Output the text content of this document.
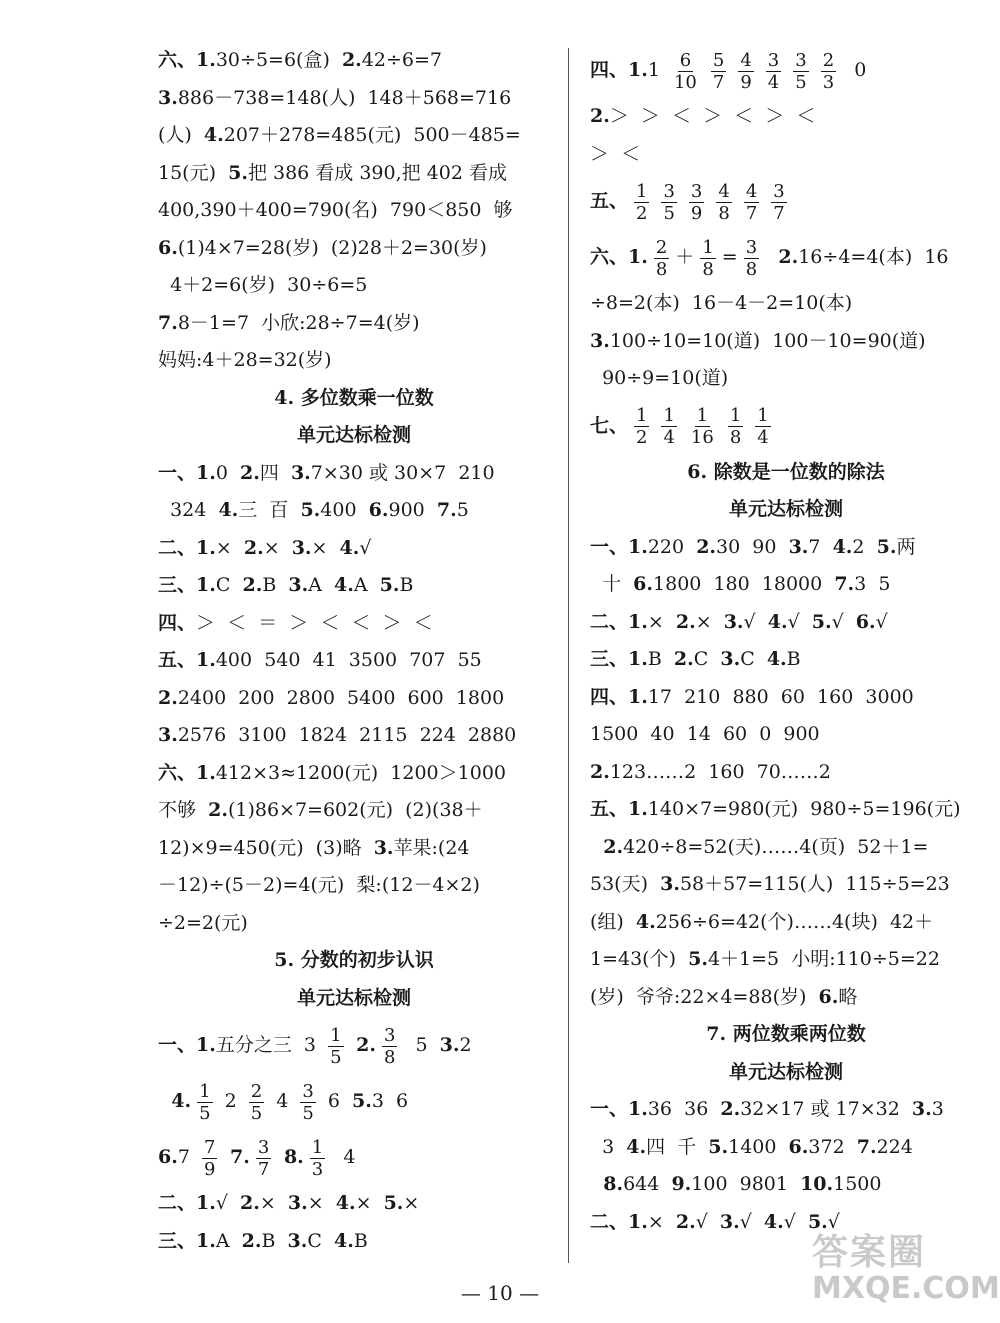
六、1.30÷5=6(盒)  2.42÷6=7
3.886－738=148(人)  148＋568=716
(人)  4.207＋278=485(元)  500－485=
15(元)  5.把 386 看成 390,把 402 看成
400,390＋400=790(名)  790＜850  够
6.(1)4×7=28(岁)  (2)28＋2=30(岁)
4＋2=6(岁)  30÷6=5
7.8－1=7  小欣:28÷7=4(岁)
妈妈:4＋28=32(岁)
4. 多位数乘一位数
单元达标检测
一、1.0  2.四  3.7×30 或 30×7  210
324  4.三  百  5.400  6.900  7.5
二、1.×  2.×  3.×  4.√
三、1.C  2.B  3.A  4.A  5.B
四、＞  ＜  ＝  ＞  ＜  ＜  ＞  ＜
五、1.400  540  41  3500  707  55
2.2400  200  2800  5400  600  1800
3.2576  3100  1824  2115  224  2880
六、1.412×3≈1200(元)  1200＞1000
不够  2.(1)86×7=602(元)  (2)(38＋
12)×9=450(元)  (3)略  3.苹果:(24
－12)÷(5－2)=4(元)  梨:(12－4×2)
÷2=2(元)
5. 分数的初步认识
单元达标检测
一、1.五分之三  $3 \frac{1}{5} 2$. $\frac{3}{8} 5$  3.2
4. $\frac{1}{5} 2 \frac{2}{5} 4 \frac{3}{5} 6$  5.3  6
$6.7 \frac{7}{9} 7$. $\frac{3}{7} 8$. $\frac{1}{3} 4$
二、1.√  2.×  3.×  4.×  5.×
三、1.A  2.B  3.C  4.B
四、$1.1 \frac{6}{10} \frac{5}{7} \frac{4}{9} \frac{3}{4} \frac{3}{5} \frac{2}{3} 0$
2.＞  ＞  ＜  ＞  ＜  ＞  ＜
＞  ＜
五、 $\frac{1}{2} \frac{3}{5} \frac{3}{9} \frac{4}{8} \frac{4}{7} \frac{3}{7}$
六、1. $\frac{2}{8} + \frac{1}{8} = \frac{3}{8} 2.16\div 4=4$(本)  16
÷8=2(本)  16－4－2=10(本)
3.100÷10=10(道)  100－10=90(道)
90÷9=10(道)
七、 $\frac{1}{2} \frac{1}{4} \frac{1}{16} \frac{1}{8} \frac{1}{4}$
6. 除数是一位数的除法
单元达标检测
一、1.220  2.30  90  3.7  4.2  5.两
十  6.1800  180  18000  7.3  5
二、1.×  2.×  3.√  4.√  5.√  6.√
三、1.B  2.C  3.C  4.B
四、1.17  210  880  60  160  3000
1500  40  14  60  0  900
2.123……2  160  70……2
五、1.140×7=980(元)  980÷5=196(元)
2.420÷8=52(天)……4(页)  52＋1=
53(天)  3.58＋57=115(人)  115÷5=23
(组)  4.256÷6=42(个)……4(块)  42＋
1=43(个)  5.4＋1=5  小明:110÷5=22
(岁)  爷爷:22×4=88(岁)  6.略
7. 两位数乘两位数
单元达标检测
一、1.36  36  2.32×17 或 17×32  3.3
3  4.四  千  5.1400  6.372  7.224
8.644  9.100  9801  10.1500
二、1.×  2.√  3.√  4.√  5.√
— 10 —
答案圈
MXQE.COM
